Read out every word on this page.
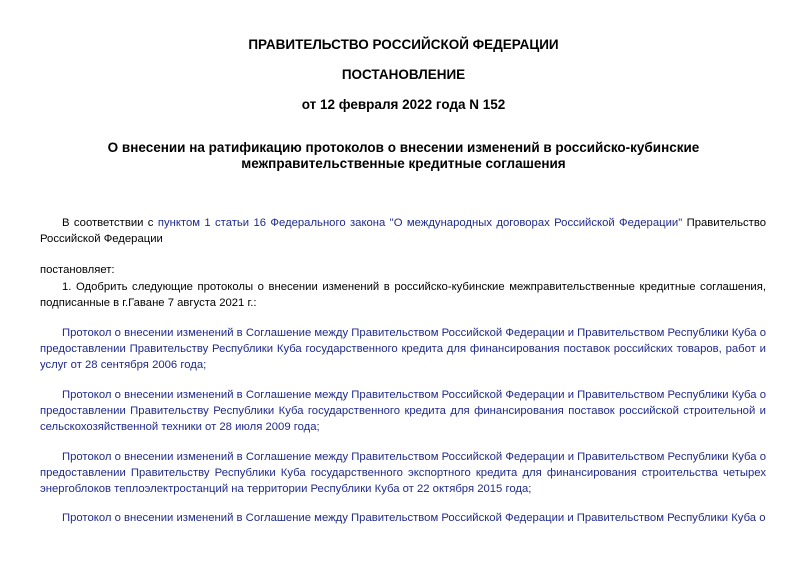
ПРАВИТЕЛЬСТВО РОССИЙСКОЙ ФЕДЕРАЦИИ

ПОСТАНОВЛЕНИЕ

от 12 февраля 2022 года N 152

О внесении на ратификацию протоколов о внесении изменений в российско-кубинские
межправительственные кредитные соглашения

В соответствии с пунктом 1 статьи 16 Федерального закона "О международных договорах Российской Федерации" Правительство Российской Федерации

постановляет:

1. Одобрить следующие протоколы о внесении изменений в российско-кубинские межправительственные кредитные соглашения, подписанные в г.Гаване 7 августа 2021 г.:

Протокол о внесении изменений в Соглашение между Правительством Российской Федерации и Правительством Республики Куба о предоставлении Правительству Республики Куба государственного кредита для финансирования поставок российских товаров, работ и услуг от 28 сентября 2006 года;

Протокол о внесении изменений в Соглашение между Правительством Российской Федерации и Правительством Республики Куба о предоставлении Правительству Республики Куба государственного кредита для финансирования поставок российской строительной и сельскохозяйственной техники от 28 июля 2009 года;

Протокол о внесении изменений в Соглашение между Правительством Российской Федерации и Правительством Республики Куба о предоставлении Правительству Республики Куба государственного экспортного кредита для финансирования строительства четырех энергоблоков теплоэлектростанций на территории Республики Куба от 22 октября 2015 года;

Протокол о внесении изменений в Соглашение между Правительством Российской Федерации и Правительством Республики Куба о
